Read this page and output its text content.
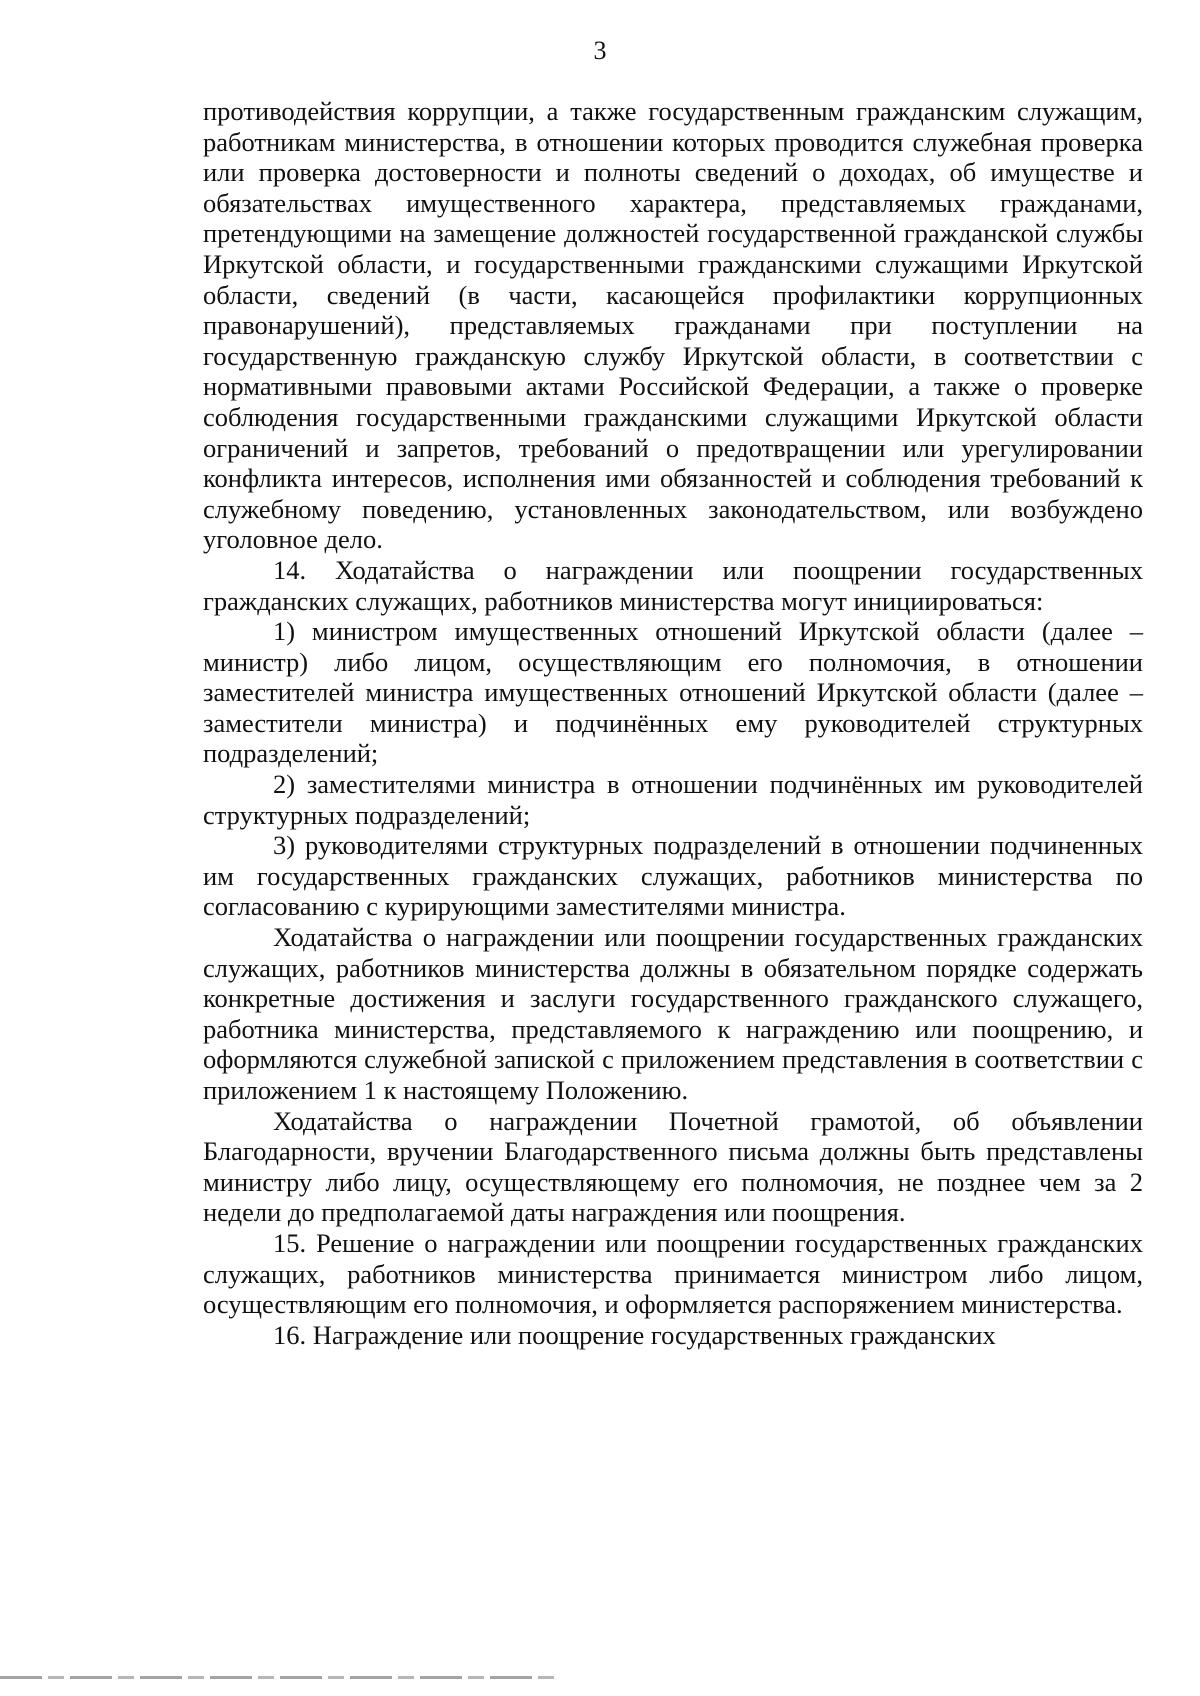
3

противодействия коррупции, а также государственным гражданским служащим, работникам министерства, в отношении которых проводится служебная проверка или проверка достоверности и полноты сведений о доходах, об имуществе и обязательствах имущественного характера, представляемых гражданами, претендующими на замещение должностей государственной гражданской службы Иркутской области, и государственными гражданскими служащими Иркутской области, сведений (в части, касающейся профилактики коррупционных правонарушений), представляемых гражданами при поступлении на государственную гражданскую службу Иркутской области, в соответствии с нормативными правовыми актами Российской Федерации, а также о проверке соблюдения государственными гражданскими служащими Иркутской области ограничений и запретов, требований о предотвращении или урегулировании конфликта интересов, исполнения ими обязанностей и соблюдения требований к служебному поведению, установленных законодательством, или возбуждено уголовное дело.

14. Ходатайства о награждении или поощрении государственных гражданских служащих, работников министерства могут инициироваться:

1) министром имущественных отношений Иркутской области (далее – министр) либо лицом, осуществляющим его полномочия, в отношении заместителей министра имущественных отношений Иркутской области (далее – заместители министра) и подчинённых ему руководителей структурных подразделений;

2) заместителями министра в отношении подчинённых им руководителей структурных подразделений;

3) руководителями структурных подразделений в отношении подчиненных им государственных гражданских служащих, работников министерства по согласованию с курирующими заместителями министра.

Ходатайства о награждении или поощрении государственных гражданских служащих, работников министерства должны в обязательном порядке содержать конкретные достижения и заслуги государственного гражданского служащего, работника министерства, представляемого к награждению или поощрению, и оформляются служебной запиской с приложением представления в соответствии с приложением 1 к настоящему Положению.

Ходатайства о награждении Почетной грамотой, об объявлении Благодарности, вручении Благодарственного письма должны быть представлены министру либо лицу, осуществляющему его полномочия, не позднее чем за 2 недели до предполагаемой даты награждения или поощрения.

15. Решение о награждении или поощрении государственных гражданских служащих, работников министерства принимается министром либо лицом, осуществляющим его полномочия, и оформляется распоряжением министерства.

16. Награждение или поощрение государственных гражданских
